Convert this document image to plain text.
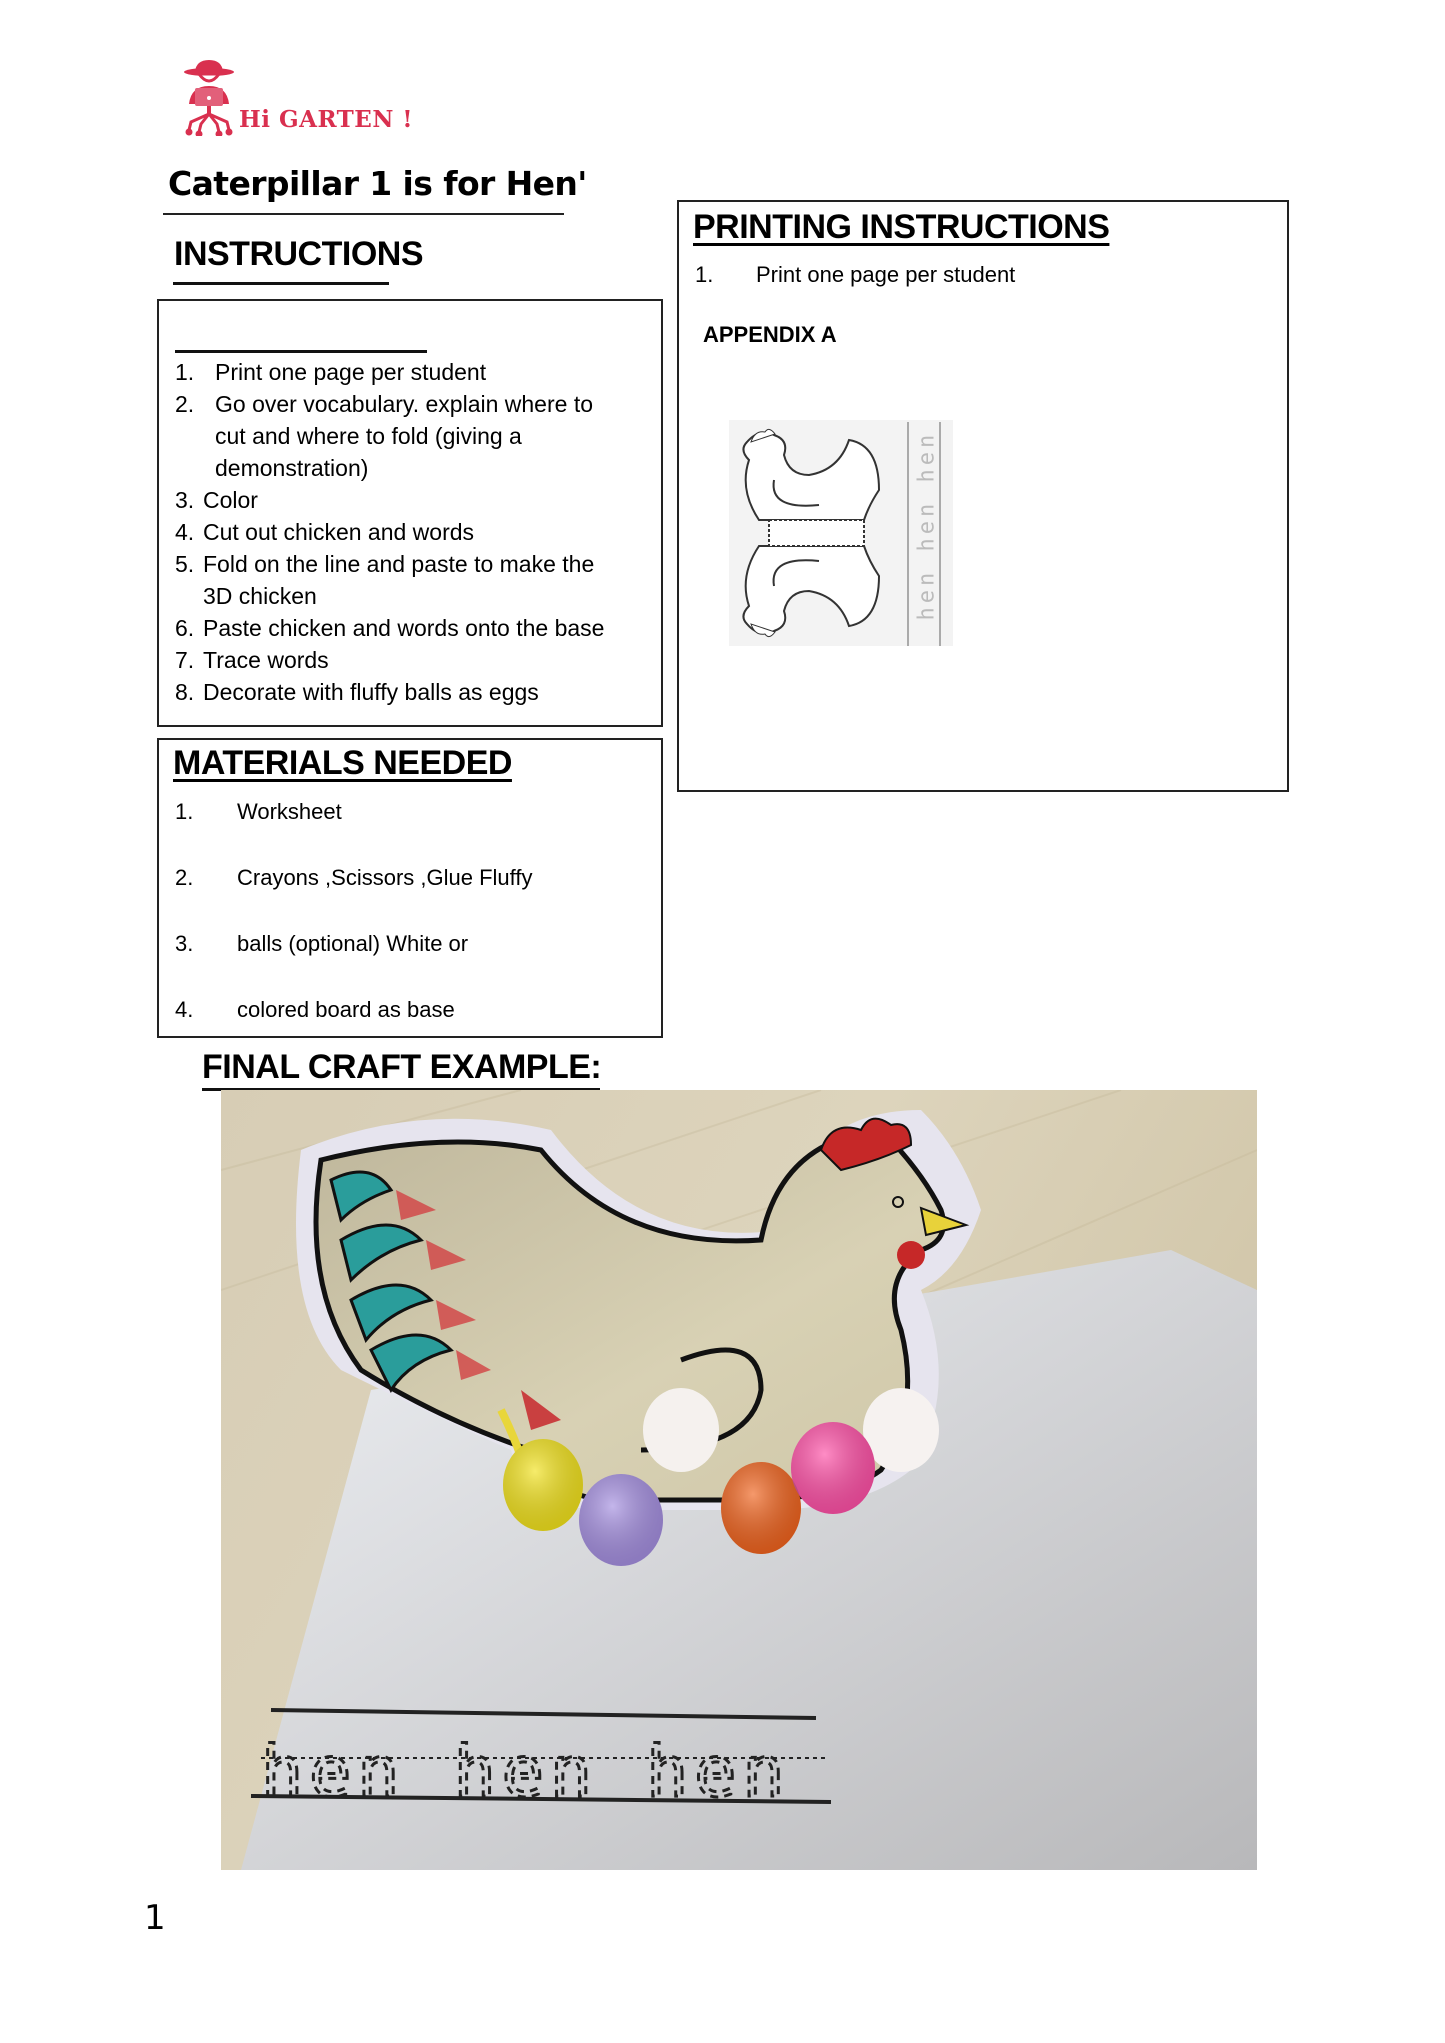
Hi GARTEN !
Caterpillar 1 is for Hen'
INSTRUCTIONS
1. Print one page per student
2. Go over vocabulary. explain where to
cut and where to fold (giving a
demonstration)
3. Color
4. Cut out chicken and words
5. Fold on the line and paste to make the
3D chicken
6. Paste chicken and words onto the base
7. Trace words
8. Decorate with fluffy balls as eggs
MATERIALS NEEDED
1.	Worksheet
2.	Crayons ,Scissors ,Glue Fluffy
3.	balls (optional) White or
4.	colored board as base
PRINTING INSTRUCTIONS
1.	Print one page per student
APPENDIX A
hen hen hen
FINAL CRAFT EXAMPLE:
hen hen hen
1
